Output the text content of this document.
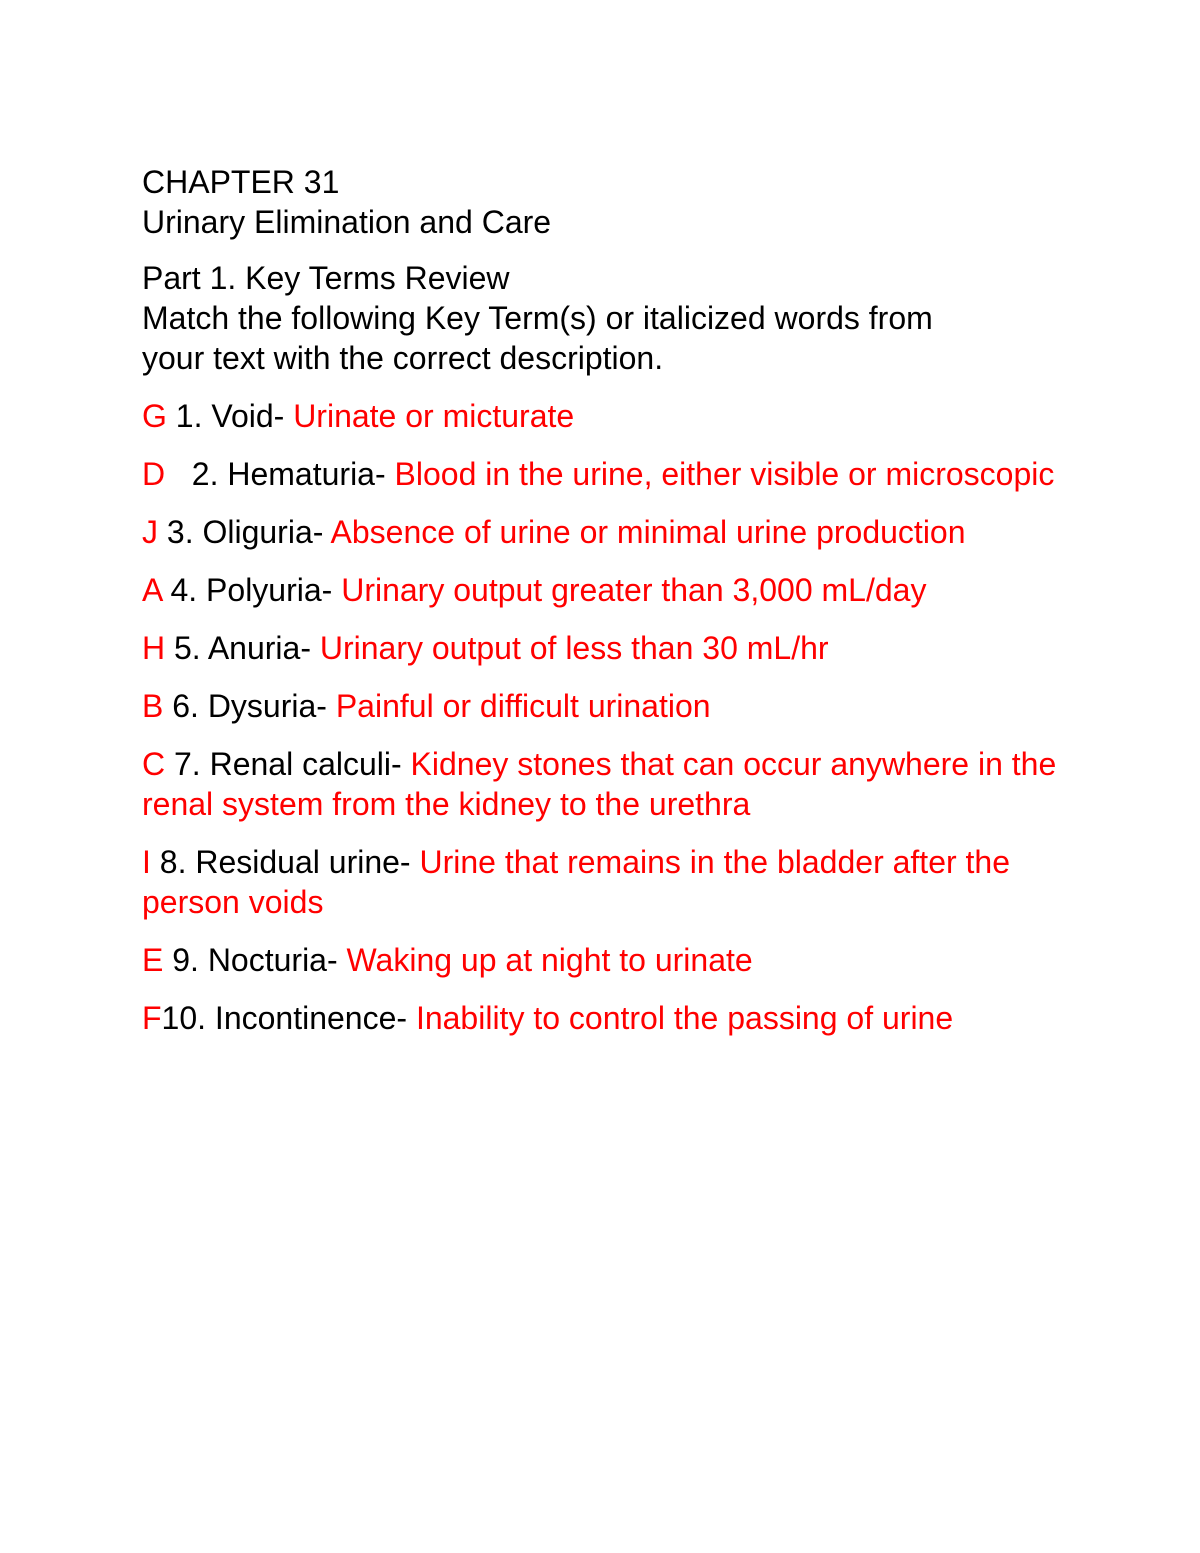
CHAPTER 31
Urinary Elimination and Care
Part 1. Key Terms Review
Match the following Key Term(s) or italicized words from
your text with the correct description.
G 1. Void- Urinate or micturate
D 2. Hematuria- Blood in the urine, either visible or microscopic
J 3. Oliguria- Absence of urine or minimal urine production
A 4. Polyuria- Urinary output greater than 3,000 mL/day
H 5. Anuria- Urinary output of less than 30 mL/hr
B 6. Dysuria- Painful or difficult urination
C 7. Renal calculi- Kidney stones that can occur anywhere in the renal system from the kidney to the urethra
I 8. Residual urine- Urine that remains in the bladder after the person voids
E 9. Nocturia- Waking up at night to urinate
F10. Incontinence- Inability to control the passing of urine
